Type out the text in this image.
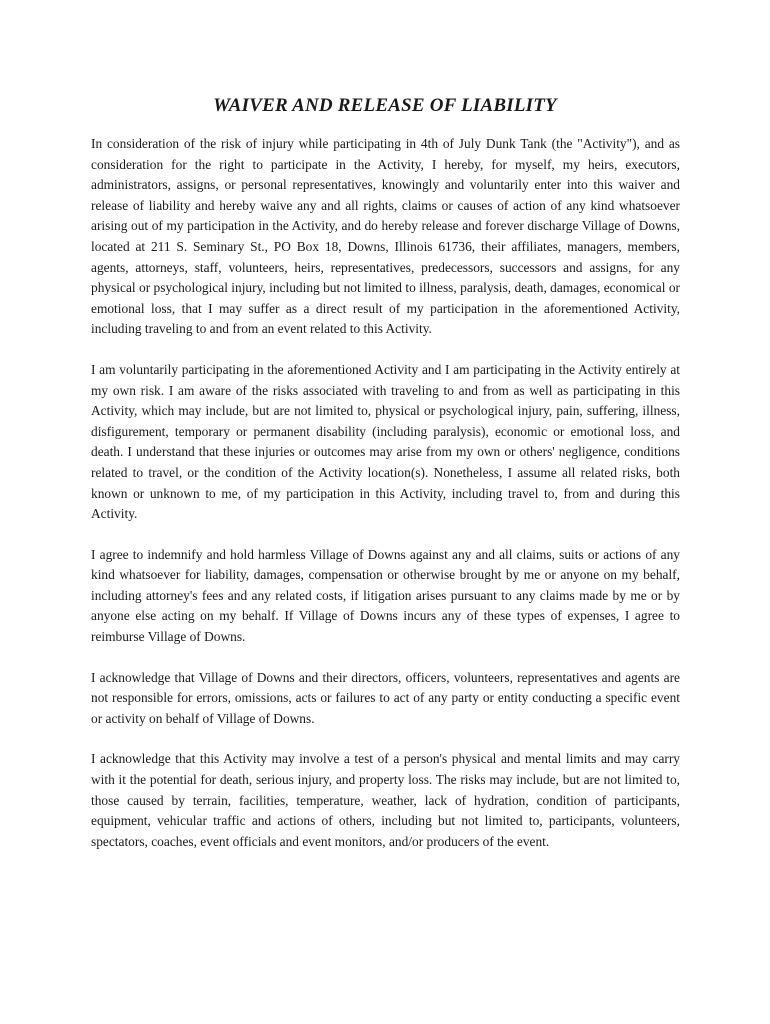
WAIVER AND RELEASE OF LIABILITY

In consideration of the risk of injury while participating in 4th of July Dunk Tank (the "Activity"), and as consideration for the right to participate in the Activity, I hereby, for myself, my heirs, executors, administrators, assigns, or personal representatives, knowingly and voluntarily enter into this waiver and release of liability and hereby waive any and all rights, claims or causes of action of any kind whatsoever arising out of my participation in the Activity, and do hereby release and forever discharge Village of Downs, located at 211 S. Seminary St., PO Box 18, Downs, Illinois 61736, their affiliates, managers, members, agents, attorneys, staff, volunteers, heirs, representatives, predecessors, successors and assigns, for any physical or psychological injury, including but not limited to illness, paralysis, death, damages, economical or emotional loss, that I may suffer as a direct result of my participation in the aforementioned Activity, including traveling to and from an event related to this Activity.

I am voluntarily participating in the aforementioned Activity and I am participating in the Activity entirely at my own risk. I am aware of the risks associated with traveling to and from as well as participating in this Activity, which may include, but are not limited to, physical or psychological injury, pain, suffering, illness, disfigurement, temporary or permanent disability (including paralysis), economic or emotional loss, and death. I understand that these injuries or outcomes may arise from my own or others' negligence, conditions related to travel, or the condition of the Activity location(s). Nonetheless, I assume all related risks, both known or unknown to me, of my participation in this Activity, including travel to, from and during this Activity.

I agree to indemnify and hold harmless Village of Downs against any and all claims, suits or actions of any kind whatsoever for liability, damages, compensation or otherwise brought by me or anyone on my behalf, including attorney's fees and any related costs, if litigation arises pursuant to any claims made by me or by anyone else acting on my behalf. If Village of Downs incurs any of these types of expenses, I agree to reimburse Village of Downs.

I acknowledge that Village of Downs and their directors, officers, volunteers, representatives and agents are not responsible for errors, omissions, acts or failures to act of any party or entity conducting a specific event or activity on behalf of Village of Downs.

I acknowledge that this Activity may involve a test of a person's physical and mental limits and may carry with it the potential for death, serious injury, and property loss. The risks may include, but are not limited to, those caused by terrain, facilities, temperature, weather, lack of hydration, condition of participants, equipment, vehicular traffic and actions of others, including but not limited to, participants, volunteers, spectators, coaches, event officials and event monitors, and/or producers of the event.
